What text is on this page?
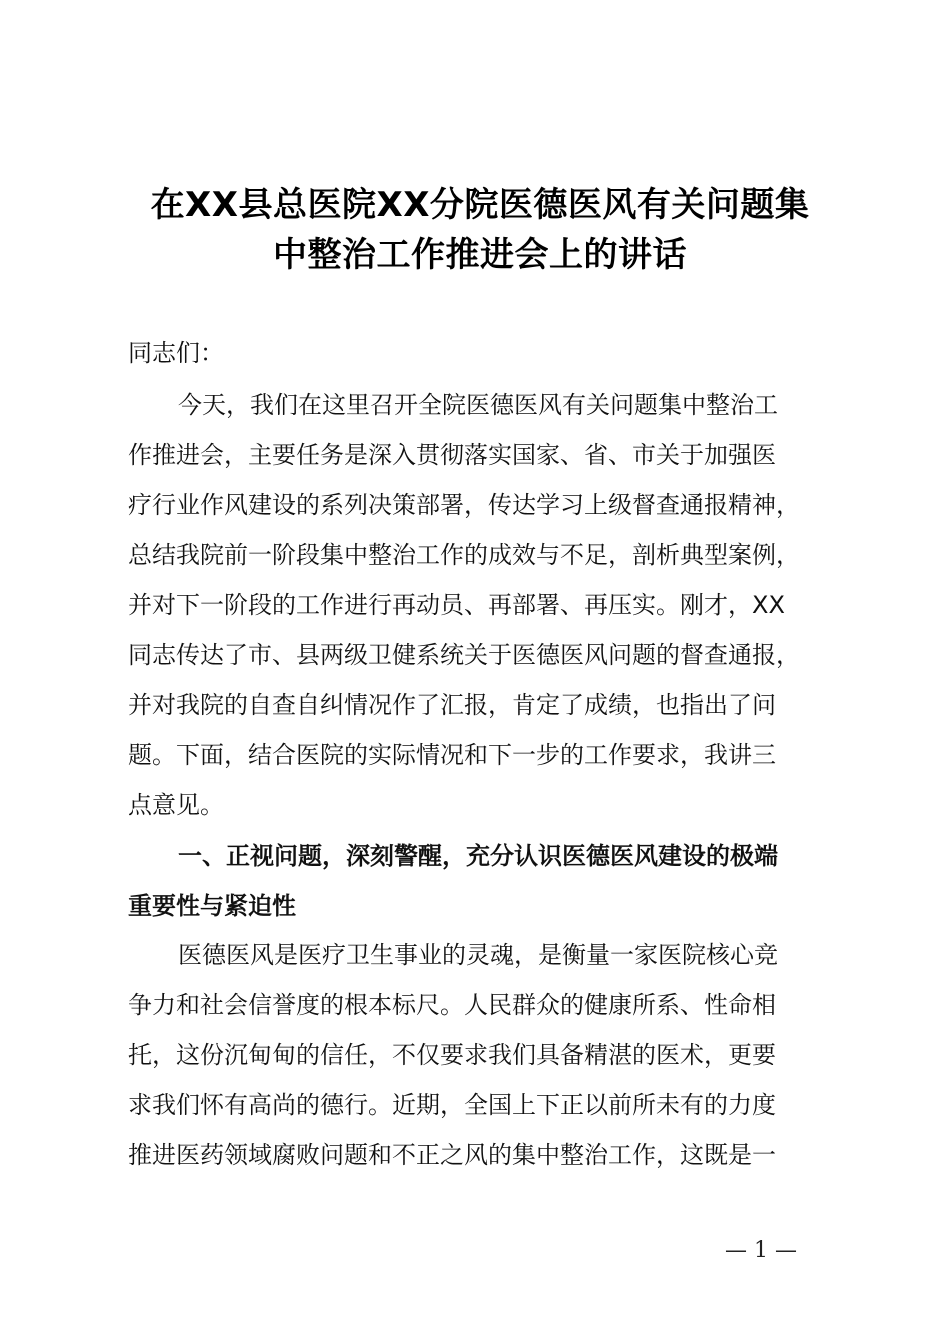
在XX县总医院XX分院医德医风有关问题集
中整治工作推进会上的讲话
同志们：
今天，我们在这里召开全院医德医风有关问题集中整治工
作推进会，主要任务是深入贯彻落实国家、省、市关于加强医
疗行业作风建设的系列决策部署，传达学习上级督查通报精神，
总结我院前一阶段集中整治工作的成效与不足，剖析典型案例，
并对下一阶段的工作进行再动员、再部署、再压实。刚才，XX
同志传达了市、县两级卫健系统关于医德医风问题的督查通报，
并对我院的自查自纠情况作了汇报，肯定了成绩，也指出了问
题。下面，结合医院的实际情况和下一步的工作要求，我讲三
点意见。
一、正视问题，深刻警醒，充分认识医德医风建设的极端
重要性与紧迫性
医德医风是医疗卫生事业的灵魂，是衡量一家医院核心竞
争力和社会信誉度的根本标尺。人民群众的健康所系、性命相
托，这份沉甸甸的信任，不仅要求我们具备精湛的医术，更要
求我们怀有高尚的德行。近期，全国上下正以前所未有的力度
推进医药领域腐败问题和不正之风的集中整治工作，这既是一
— 1 —
